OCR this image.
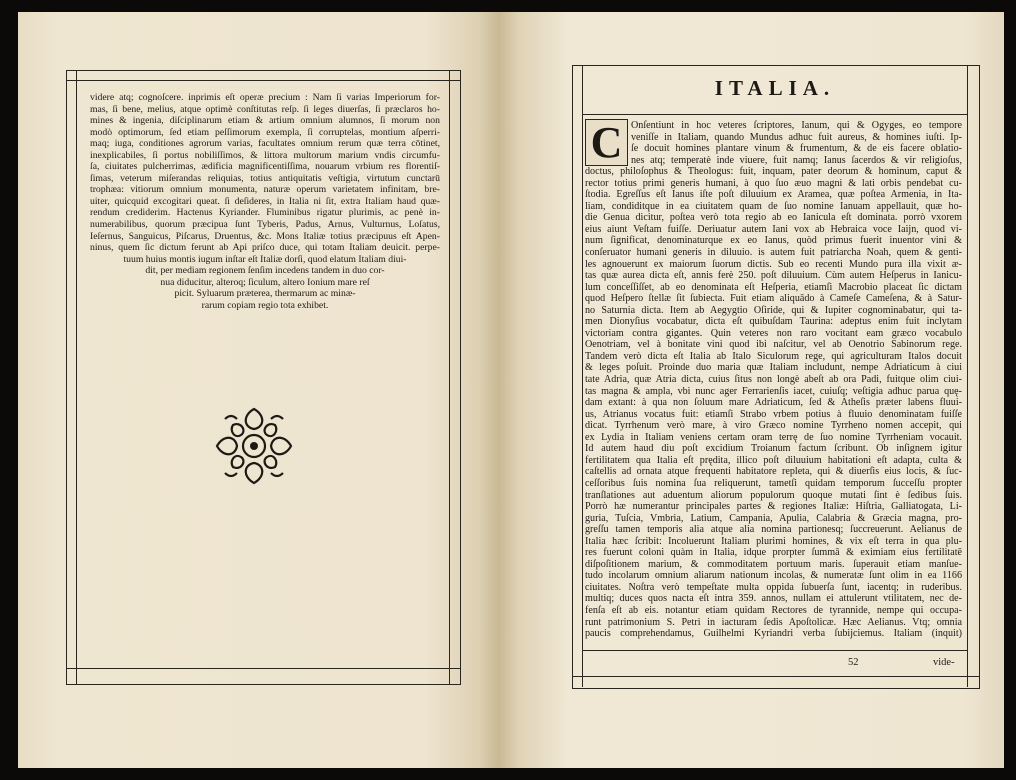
videre atq; cognoſcere. inprimis eſt operæ precium : Nam ſi varias Imperiorum for-
mas, ſi bene, melius, atque optimè conſtitutas reſp. ſi leges diuerſas, ſi præclaros ho-
mines & ingenia, diſciplinarum etiam & artium omnium alumnos, ſi morum non
modò optimorum, ſed etiam peſſimorum exempla, ſi corruptelas, montium aſperri-
maq; iuga, conditiones agrorum varias, facultates omnium rerum quæ terra cōtinet,
inexplicabiles, ſi portus nobiliſſimos, & littora multorum marium vndis circumfu-
ſa, ciuitates pulcherrimas, ædificia magnificentiſſima, nouarum vrbium res florentiſ-
ſimas, veterum miſerandas reliquias, totius antiquitatis veſtigia, virtutum cunctarū
trophæa: vitiorum omnium monumenta, naturæ operum varietatem infinitam, bre-
uiter, quicquid excogitari queat. ſi deſideres, in Italia ni ſit, extra Italiam haud quæ-
rendum crediderim. Hactenus Kyriander. Fluminibus rigatur plurimis, ac penè in-
numerabilibus, quorum præcipua ſunt Tyberis, Padus, Arnus, Vulturnus, Loſatus,
Ieſernus, Sanguicus, Piſcarus, Druentus, &c. Mons Italiæ totius præcipuus eſt Apen-
ninus, quem ſic dictum ferunt ab Api priſco duce, qui totam Italiam deuicit. perpe-
tuum huius montis iugum inſtar eſt Italiæ dorſi, quod elatum Italiam diui-
dit, per mediam regionem ſenſim incedens tandem in duo cor-
nua diducitur, alteroq; ſiculum, altero Ionium mare reſ
picit. Syluarum præterea, thermarum ac minæ-
rarum copiam regio tota exhibet.
ITALIA.
C Onſentiunt in hoc veteres ſcriptores, Ianum, qui & Ogyges, eo tempore
veniſſe in Italiam, quando Mundus adhuc fuit aureus, & homines iuſti. Ip-
ſe docuit homines plantare vinum & frumentum, & de eis facere oblatio-
nes atq; temperatè inde viuere, fuit namq; Ianus ſacerdos & vir religioſus,
doctus, philoſophus & Theologus: fuit, inquam, pater deorum & hominum, caput &
rector totius primi generis humani, à quo ſuo æuo magni & lati orbis pendebat cu-
ſtodia. Egreſſus eſt Ianus iſte poſt diluuium ex Aramea, quæ poſtea Armenia, in Ita-
liam, condiditque in ea ciuitatem quam de ſuo nomine Ianuam appellauit, quæ ho-
die Genua dicitur, poſtea verò tota regio ab eo Ianicula eſt dominata. porrò vxorem
eius aiunt Veſtam fuiſſe. Deriuatur autem Iani vox ab Hebraica voce Iaijn, quod vi-
num ſignificat, denominaturque ex eo Ianus, quòd primus fuerit inuentor vini &
conſeruator humani generis in diluuio. is autem fuit patriarcha Noah, quem & genti-
les agnouerunt ex maiorum ſuorum dictis. Sub eo recenti Mundo pura illa vixit æ-
tas quæ aurea dicta eſt, annis ferè 250. poſt diluuium. Cùm autem Heſperus in Ianicu-
lum conceſſiſſet, ab eo denominata eſt Heſperia, etiamſi Macrobio placeat ſic dictam
quod Heſpero ſtellæ ſit ſubiecta. Fuit etiam aliquādo à Cameſe Cameſena, & à Satur-
no Saturnia dicta. Item ab Aegygtio Oſiride, qui & Iupiter cognominabatur, qui ta-
men Dionyſius vocabatur, dicta eſt quibuſdam Taurina: adeptus enim fuit inclytam
victoriam contra gigantes. Quin veteres non raro vocitant eam græco vocabulo
Oenotriam, vel à bonitate vini quod ibi naſcitur, vel ab Oenotrio Sabinorum rege.
Tandem verò dicta eſt Italia ab Italo Siculorum rege, qui agriculturam Italos docuit
& leges poſuit. Proinde duo maria quæ Italiam includunt, nempe Adriaticum à ciui
tate Adria, quæ Atria dicta, cuius ſitus non longè abeſt ab ora Padi, fuitque olim ciui-
tas magna & ampla, vbi nunc ager Ferrarienſis iacet, cuiuſq; veſtigia adhuc parua quę-
dam extant: à qua non ſoluum mare Adriaticum, ſed & Atheſis præter labens fluui-
us, Atrianus vocatus fuit: etiamſi Strabo vrbem potius à fluuio denominatam fuiſſe
dicat. Tyrrhenum verò mare, à viro Græco nomine Tyrrheno nomen accepit, qui
ex Lydia in Italiam veniens certam oram terrę de ſuo nomine Tyrrheniam vocauit.
Id autem haud diu poſt excidium Troianum factum ſcribunt. Ob inſignem igitur
fertilitatem qua Italia eſt prędita, illico poſt diluuium habitationi eſt adapta, culta &
caſtellis ad ornata atque frequenti habitatore repleta, qui & diuerſis eius locis, & ſuc-
ceſſoribus ſuis nomina ſua reliquerunt, tametſi quidam temporum ſucceſſu propter
tranſlationes aut aduentum aliorum populorum quoque mutati ſint è ſedibus ſuis.
Porrò hæ numerantur principales partes & regiones Italiæ: Hiſtria, Galliatogata, Li-
guria, Tuſcia, Vmbria, Latium, Campania, Apulia, Calabria & Græcia magna, pro-
greſſu tamen temporis alia atque alia nomina partionesq; ſuccreuerunt. Aelianus de
Italia hæc ſcribit: Incoluerunt Italiam plurimi homines, & vix eſt terra in qua plu-
res fuerunt coloni quàm in Italia, idque prorpter ſummā & eximiam eius fertilitatē
diſpoſitionem marium, & commoditatem portuum maris. ſuperauit etiam manſue-
tudo incolarum omnium aliarum nationum incolas, & numeratæ ſunt olim in ea 1166
ciuitates. Noſtra verò tempeſtate multa oppida ſubuerſa ſunt, iacentq; in ruderibus.
multiq; duces quos nacta eſt intra 359. annos, nullam ei attulerunt vtilitatem, nec de-
fenſa eſt ab eis. notantur etiam quidam Rectores de tyrannide, nempe qui occupa-
runt patrimonium S. Petri in iacturam ſedis Apoſtolicæ. Hæc Aelianus. Vtq; omnia
paucis comprehendamus, Guilhelmi Kyriandri verba ſubijciemus. Italiam (inquit)
52	vide-
